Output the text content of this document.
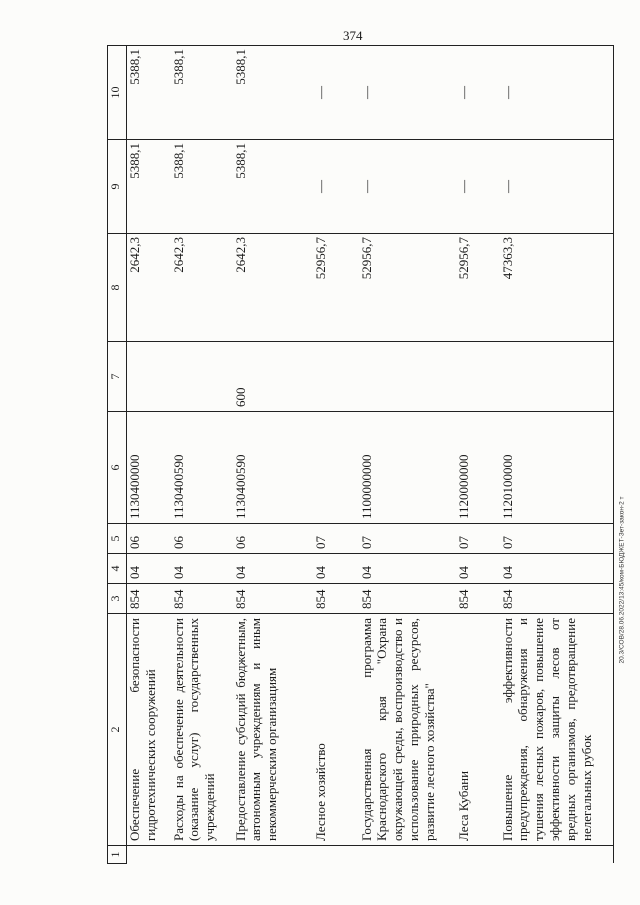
374
20.3/СОВ/28.06.2022/13:45/ком-БЮДЖЕТ-Зет-закон-2 т
1	2	3	4	5	6	7	8	9	10
	Обеспечение безопасности гидротехнических сооружений	854	04	06	1130400000		2642,3	5388,1	5388,1
	Расходы на обеспечение деятельности (оказание услуг) государственных учреждений	854	04	06	1130400590		2642,3	5388,1	5388,1
	Предоставление субсидий бюджетным, автономным учреждениям и иным некоммерческим организациям	854	04	06	1130400590	600	2642,3	5388,1	5388,1
	Лесное хозяйство	854	04	07			52956,7	—	—
	Государственная программа Краснодарского края "Охрана окружающей среды, воспроизводство и использование природных ресурсов, развитие лесного хозяйства"	854	04	07	1100000000		52956,7	—	—
	Леса Кубани	854	04	07	1120000000		52956,7	—	—
	Повышение эффективности предупреждения, обнаружения и тушения лесных пожаров, повышение эффективности защиты лесов от вредных организмов, предотвращение нелегальных рубок	854	04	07	1120100000		47363,3	—	—
